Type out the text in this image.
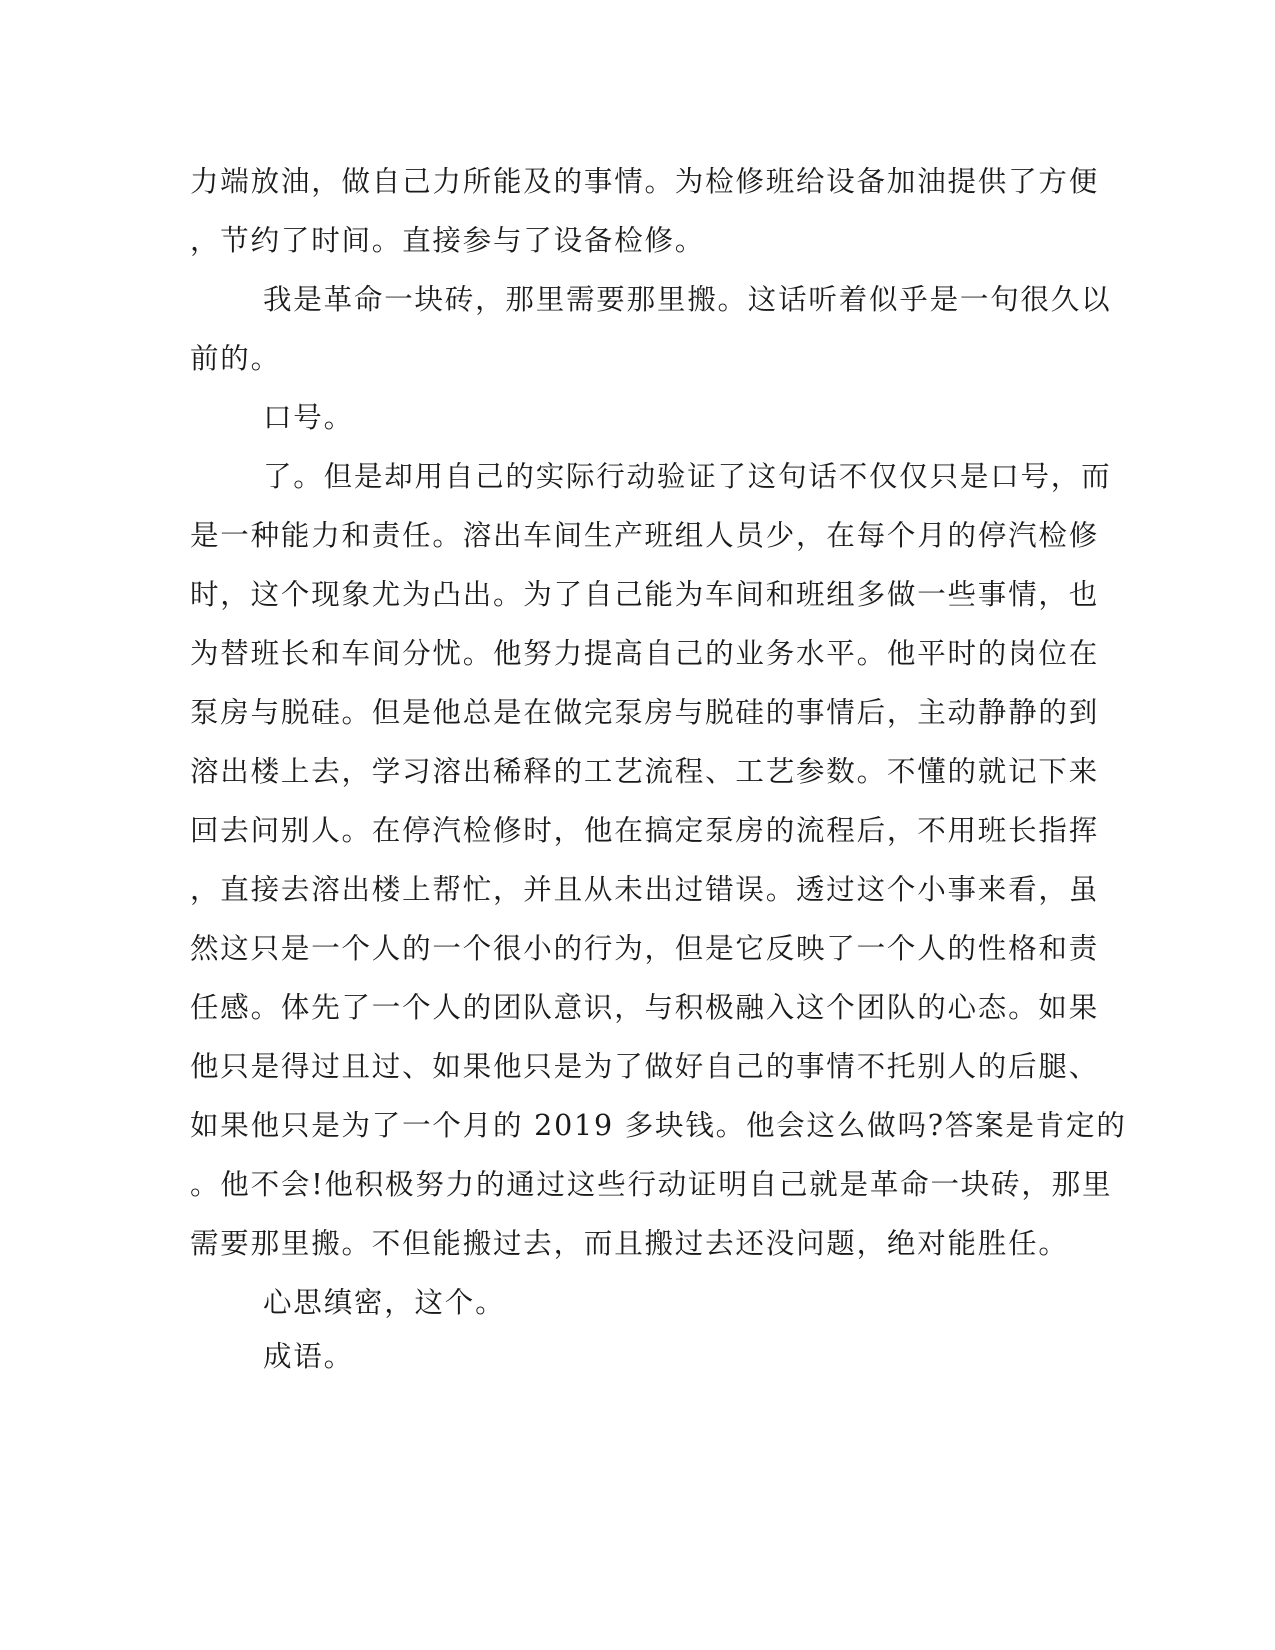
力端放油，做自己力所能及的事情。为检修班给设备加油提供了方便
，节约了时间。直接参与了设备检修。
我是革命一块砖，那里需要那里搬。这话听着似乎是一句很久以
前的。
口号。
了。但是却用自己的实际行动验证了这句话不仅仅只是口号，而
是一种能力和责任。溶出车间生产班组人员少，在每个月的停汽检修
时，这个现象尤为凸出。为了自己能为车间和班组多做一些事情，也
为替班长和车间分忧。他努力提高自己的业务水平。他平时的岗位在
泵房与脱硅。但是他总是在做完泵房与脱硅的事情后，主动静静的到
溶出楼上去，学习溶出稀释的工艺流程、工艺参数。不懂的就记下来
回去问别人。在停汽检修时，他在搞定泵房的流程后，不用班长指挥
，直接去溶出楼上帮忙，并且从未出过错误。透过这个小事来看，虽
然这只是一个人的一个很小的行为，但是它反映了一个人的性格和责
任感。体先了一个人的团队意识，与积极融入这个团队的心态。如果
他只是得过且过、如果他只是为了做好自己的事情不托别人的后腿、
如果他只是为了一个月的 2019 多块钱。他会这么做吗?答案是肯定的
。他不会!他积极努力的通过这些行动证明自己就是革命一块砖，那里
需要那里搬。不但能搬过去，而且搬过去还没问题，绝对能胜任。
心思缜密，这个。
成语。
